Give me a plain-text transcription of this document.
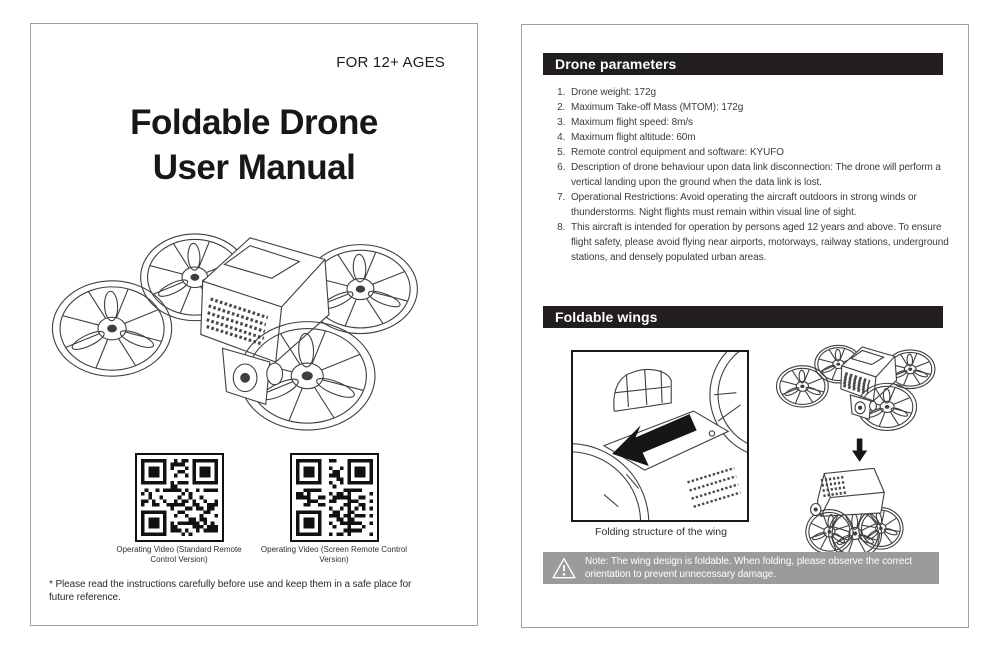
FOR 12+ AGES
Foldable Drone
User Manual
Operating Video (Standard Remote Control Version)
Operating Video (Screen Remote Control Version)
* Please read the instructions carefully before use and keep them in a safe place for future reference.
Drone parameters
1. Drone weight: 172g
2. Maximum Take-off Mass (MTOM): 172g
3. Maximum flight speed: 8m/s
4. Maximum flight altitude: 60m
5. Remote control equipment and software: KYUFO
6. Description of drone behaviour upon data link disconnection: The drone will perform a vertical landing upon the ground when the data link is lost.
7. Operational Restrictions: Avoid operating the aircraft outdoors in strong winds or thunderstorms. Night flights must remain within visual line of sight.
8. This aircraft is intended for operation by persons aged 12 years and above. To ensure flight safety, please avoid flying near airports, motorways, railway stations, underground stations, and densely populated urban areas.
Foldable wings
Folding structure of the wing
Note: The wing design is foldable. When folding, please observe the correct orientation to prevent unnecessary damage.
